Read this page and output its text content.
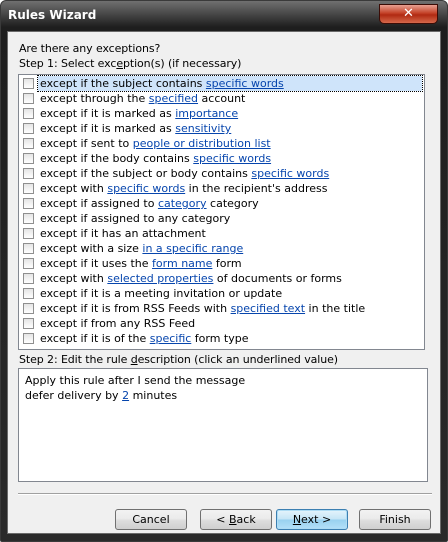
Rules Wizard	✕
Are there any exceptions?
Step 1: Select exception(s) (if necessary)
except if the subject contains specific words
except through the specified account
except if it is marked as importance
except if it is marked as sensitivity
except if sent to people or distribution list
except if the body contains specific words
except if the subject or body contains specific words
except with specific words in the recipient's address
except if assigned to category category
except if assigned to any category
except if it has an attachment
except with a size in a specific range
except if it uses the form name form
except with selected properties of documents or forms
except if it is a meeting invitation or update
except if it is from RSS Feeds with specified text in the title
except if from any RSS Feed
except if it is of the specific form type
Step 2: Edit the rule description (click an underlined value)
Apply this rule after I send the message
defer delivery by 2 minutes
Cancel	< Back	Next >	Finish
